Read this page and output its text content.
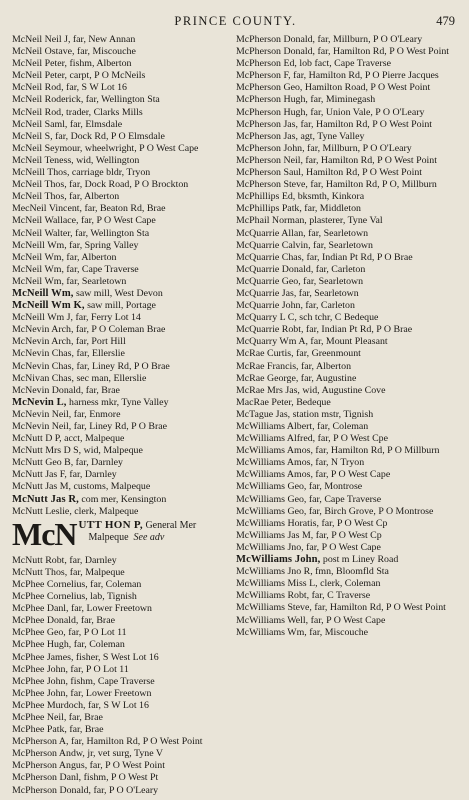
PRINCE COUNTY.	479
McNeil Neil J, far, New Annan
McNeil Ostave, far, Miscouche
McNeil Peter, fishm, Alberton
McNeil Peter, carpt, P O McNeils
McNeil Rod, far, S W Lot 16
McNeil Roderick, far, Wellington Sta
McNeil Rod, trader, Clarks Mills
McNeil Saml, far, Elmsdale
McNeil S, far, Dock Rd, P O Elmsdale
McNeil Seymour, wheelwright, P O West Cape
McNeil Teness, wid, Wellington
McNeill Thos, carriage bldr, Tryon
McNeil Thos, far, Dock Road, P O Brockton
McNeil Thos, far, Alberton
MecNeil Vincent, far, Beaton Rd, Brae
McNeil Wallace, far, P O West Cape
McNeil Walter, far, Wellington Sta
McNeill Wm, far, Spring Valley
McNeil Wm, far, Alberton
McNeil Wm, far, Cape Traverse
McNeil Wm, far, Searletown
McNeill Wm, saw mill, West Devon
McNeill Wm K, saw mill, Portage
McNeill Wm J, far, Ferry Lot 14
McNevin Arch, far, P O Coleman Brae
McNevin Arch, far, Port Hill
McNevin Chas, far, Ellerslie
McNevin Chas, far, Liney Rd, P O Brae
McNivan Chas, sec man, Ellerslie
McNevin Donald, far, Brae
McNevin L, harness mkr, Tyne Valley
McNevin Neil, far, Enmore
McNevin Neil, far, Liney Rd, P O Brae
McNutt D P, acct, Malpeque
McNutt Mrs D S, wid, Malpeque
McNutt Geo B, far, Darnley
McNutt Jas F, far, Darnley
McNutt Jas M, customs, Malpeque
McNutt Jas R, com mer, Kensington
McNutt Leslie, clerk, Malpeque
McN UTT HON P, General Mer
Malpeque See adv
McNutt Robt, far, Darnley
McNutt Thos, far, Malpeque
McPhee Cornelius, far, Coleman
McPhee Cornelius, lab, Tignish
McPhee Danl, far, Lower Freetown
McPhee Donald, far, Brae
McPhee Geo, far, P O Lot 11
McPhee Hugh, far, Coleman
McPhee James, fisher, S West Lot 16
McPhee John, far, P O Lot 11
McPhee John, fishm, Cape Traverse
McPhee John, far, Lower Freetown
McPhee Murdoch, far, S W Lot 16
McPhee Neil, far, Brae
McPhee Patk, far, Brae
McPherson A, far, Hamilton Rd, P O West Point
McPherson Andw, jr, vet surg, Tyne V
McPherson Angus, far, P O West Point
McPherson Danl, fishm, P O West Pt
McPherson Donald, far, P O O'Leary
McPherson Donald, far, Millburn, P O O'Leary
McPherson Donald, far, Hamilton Rd, P O West Point
McPherson Ed, lob fact, Cape Traverse
McPherson F, far, Hamilton Rd, P O Pierre Jacques
McPherson Geo, Hamilton Road, P O West Point
McPherson Hugh, far, Miminegash
McPherson Hugh, far, Union Vale, P O O'Leary
McPherson Jas, far, Hamilton Rd, P O West Point
McPherson Jas, agt, Tyne Valley
McPherson John, far, Millburn, P O O'Leary
McPherson Neil, far, Hamilton Rd, P O West Point
McPherson Saul, Hamilton Rd, P O West Point
McPherson Steve, far, Hamilton Rd, P O, Millburn
McPhillips Ed, bksmth, Kinkora
McPhillips Patk, far, Middleton
McPhail Norman, plasterer, Tyne Val
McQuarrie Allan, far, Searletown
McQuarrie Calvin, far, Searletown
McQuarrie Chas, far, Indian Pt Rd, P O Brae
McQuarrie Donald, far, Carleton
McQuarrie Geo, far, Searletown
McQuarrie Jas, far, Searletown
McQuarrie John, far, Carleton
McQuarry L C, sch tchr, C Bedeque
McQuarrie Robt, far, Indian Pt Rd, P O Brae
McQuarry Wm A, far, Mount Pleasant
McRae Curtis, far, Greenmount
McRae Francis, far, Alberton
McRae George, far, Augustine
McRae Mrs Jas, wid, Augustine Cove
MacRae Peter, Bedeque
McTague Jas, station mstr, Tignish
McWilliams Albert, far, Coleman
McWilliams Alfred, far, P O West Cpe
McWilliams Amos, far, Hamilton Rd, P O Millburn
McWilliams Amos, far, N Tryon
McWilliams Amos, far, P O West Cape
McWilliams Geo, far, Montrose
McWilliams Geo, far, Cape Traverse
McWilliams Geo, far, Birch Grove, P O Montrose
McWilliams Horatis, far, P O West Cp
McWilliams Jas M, far, P O West Cp
McWilliams Jno, far, P O West Cape
McWilliams John, post m Liney Road
McWilliams Jno R, fmn, Bloomfld Sta
McWilliams Miss L, clerk, Coleman
McWilliams Robt, far, C Traverse
McWilliams Steve, far, Hamilton Rd, P O West Point
McWilliams Well, far, P O West Cape
McWilliams Wm, far, Miscouche
